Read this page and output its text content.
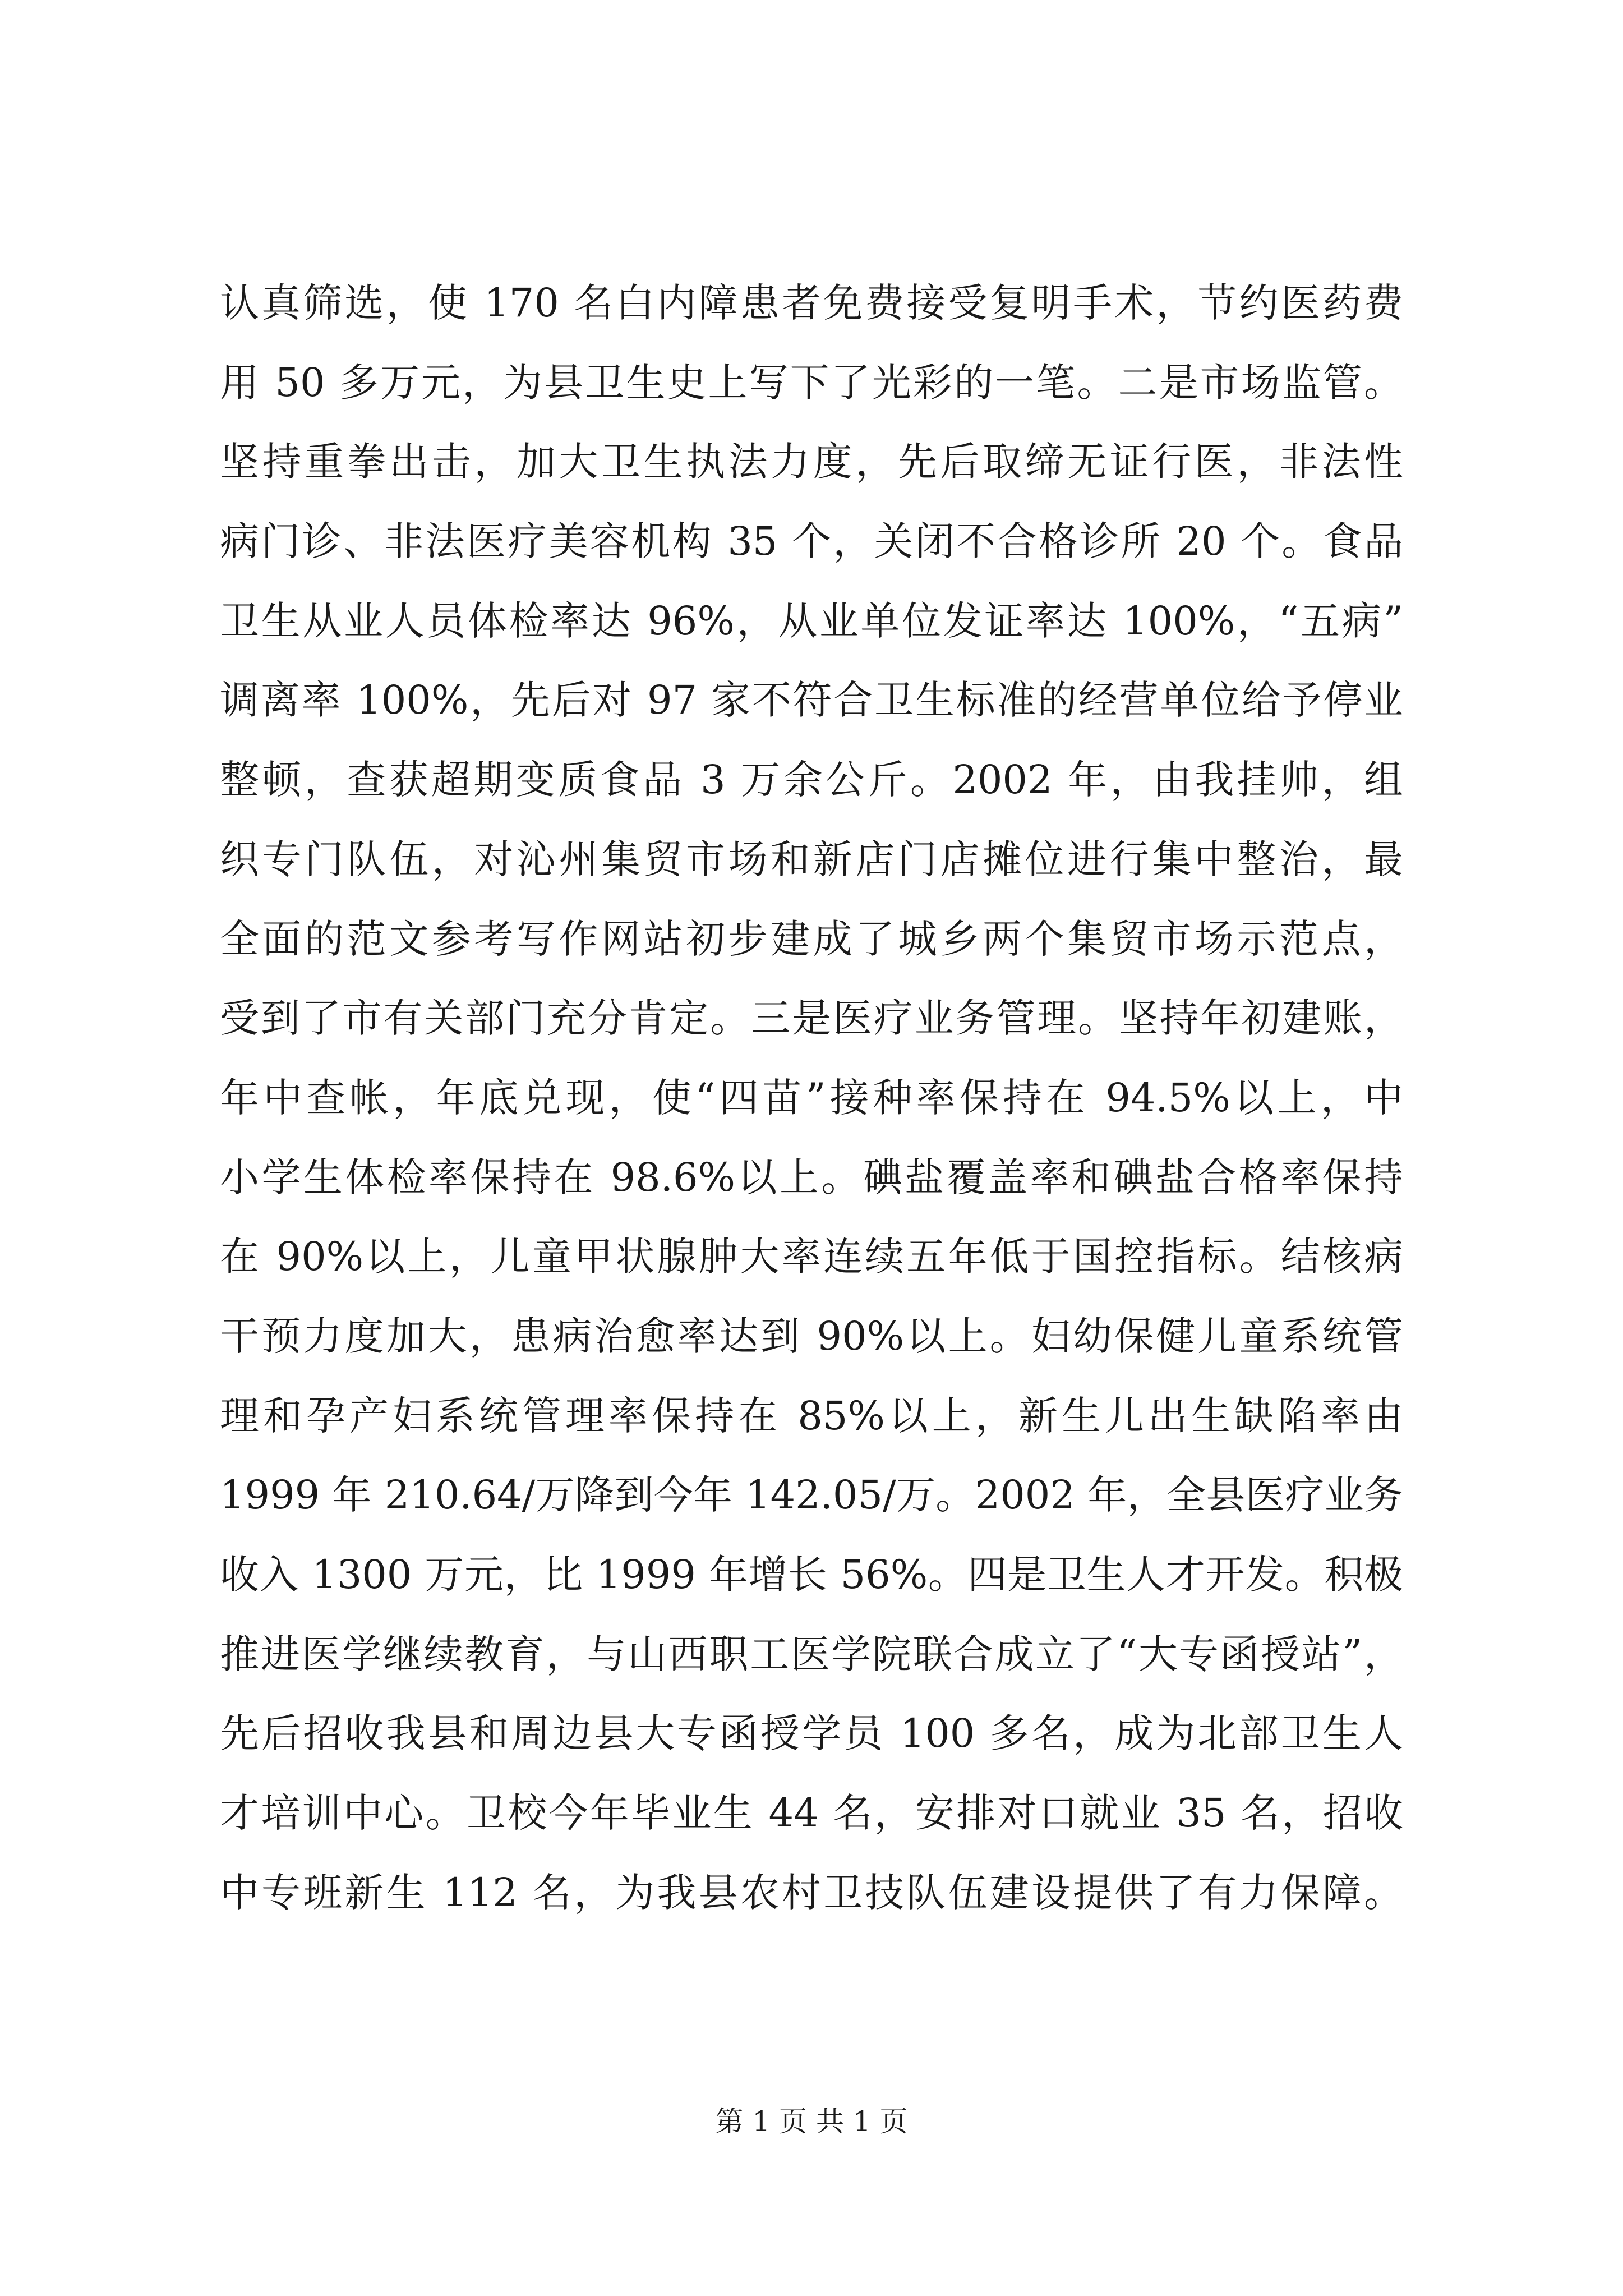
认真筛选，使 170 名白内障患者免费接受复明手术，节约医药费
用 50 多万元，为县卫生史上写下了光彩的一笔。二是市场监管。
坚持重拳出击，加大卫生执法力度，先后取缔无证行医，非法性
病门诊、非法医疗美容机构 35 个，关闭不合格诊所 20 个。食品
卫生从业人员体检率达 96%，从业单位发证率达 100%，“五病”
调离率 100%，先后对 97 家不符合卫生标准的经营单位给予停业
整顿，查获超期变质食品 3 万余公斤。2002 年，由我挂帅，组
织专门队伍，对沁州集贸市场和新店门店摊位进行集中整治，最
全面的范文参考写作网站初步建成了城乡两个集贸市场示范点，
受到了市有关部门充分肯定。三是医疗业务管理。坚持年初建账，
年中查帐，年底兑现，使“四苗”接种率保持在 94.5%以上，中
小学生体检率保持在 98.6%以上。碘盐覆盖率和碘盐合格率保持
在 90%以上，儿童甲状腺肿大率连续五年低于国控指标。结核病
干预力度加大，患病治愈率达到 90%以上。妇幼保健儿童系统管
理和孕产妇系统管理率保持在 85%以上，新生儿出生缺陷率由
1999 年 210.64/万降到今年 142.05/万。2002 年，全县医疗业务
收入 1300 万元，比 1999 年增长 56%。四是卫生人才开发。积极
推进医学继续教育，与山西职工医学院联合成立了“大专函授站”，
先后招收我县和周边县大专函授学员 100 多名，成为北部卫生人
才培训中心。卫校今年毕业生 44 名，安排对口就业 35 名，招收
中专班新生 112 名，为我县农村卫技队伍建设提供了有力保障。
第 1 页 共 1 页
